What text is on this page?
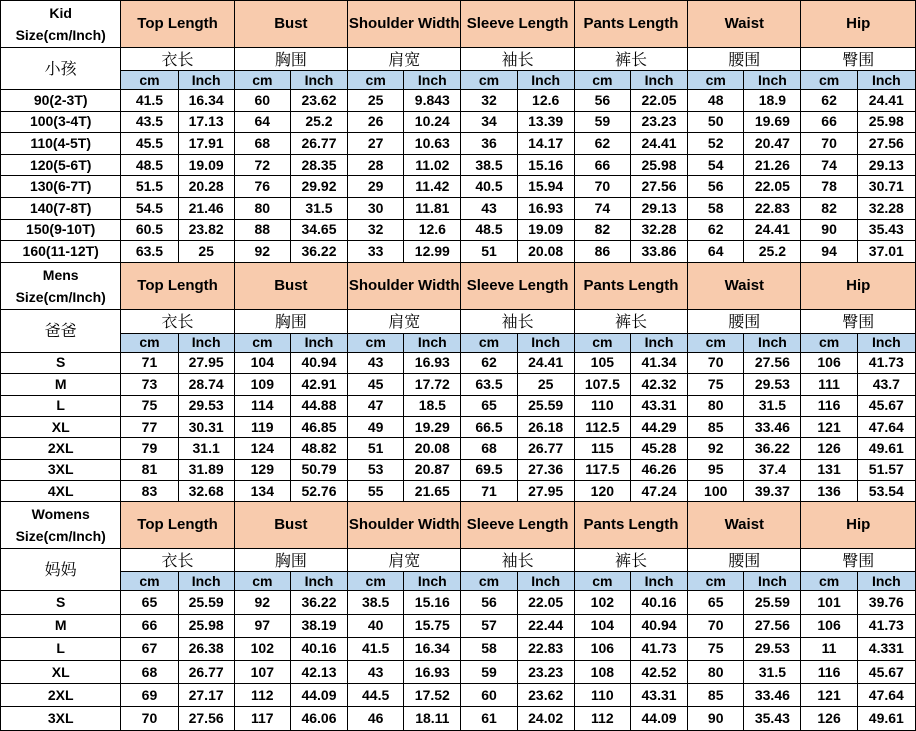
Kid
Size(cm/Inch)	Top Length		Bust		Shoulder Width		Sleeve Length		Pants Length		Waist		Hip	
小孩	衣长		胸围		肩宽		袖长		裤长		腰围		臀围	
	cm	Inch	cm	Inch	cm	Inch	cm	Inch	cm	Inch	cm	Inch	cm	Inch
90(2-3T)	41.5	16.34	60	23.62	25	9.843	32	12.6	56	22.05	48	18.9	62	24.41
100(3-4T)	43.5	17.13	64	25.2	26	10.24	34	13.39	59	23.23	50	19.69	66	25.98
110(4-5T)	45.5	17.91	68	26.77	27	10.63	36	14.17	62	24.41	52	20.47	70	27.56
120(5-6T)	48.5	19.09	72	28.35	28	11.02	38.5	15.16	66	25.98	54	21.26	74	29.13
130(6-7T)	51.5	20.28	76	29.92	29	11.42	40.5	15.94	70	27.56	56	22.05	78	30.71
140(7-8T)	54.5	21.46	80	31.5	30	11.81	43	16.93	74	29.13	58	22.83	82	32.28
150(9-10T)	60.5	23.82	88	34.65	32	12.6	48.5	19.09	82	32.28	62	24.41	90	35.43
160(11-12T)	63.5	25	92	36.22	33	12.99	51	20.08	86	33.86	64	25.2	94	37.01

Mens
Size(cm/Inch)	Top Length		Bust		Shoulder Width		Sleeve Length		Pants Length		Waist		Hip	
爸爸	衣长		胸围		肩宽		袖长		裤长		腰围		臀围	
	cm	Inch	cm	Inch	cm	Inch	cm	Inch	cm	Inch	cm	Inch	cm	Inch
S	71	27.95	104	40.94	43	16.93	62	24.41	105	41.34	70	27.56	106	41.73
M	73	28.74	109	42.91	45	17.72	63.5	25	107.5	42.32	75	29.53	111	43.7
L	75	29.53	114	44.88	47	18.5	65	25.59	110	43.31	80	31.5	116	45.67
XL	77	30.31	119	46.85	49	19.29	66.5	26.18	112.5	44.29	85	33.46	121	47.64
2XL	79	31.1	124	48.82	51	20.08	68	26.77	115	45.28	92	36.22	126	49.61
3XL	81	31.89	129	50.79	53	20.87	69.5	27.36	117.5	46.26	95	37.4	131	51.57
4XL	83	32.68	134	52.76	55	21.65	71	27.95	120	47.24	100	39.37	136	53.54

Womens
Size(cm/Inch)	Top Length		Bust		Shoulder Width		Sleeve Length		Pants Length		Waist		Hip	
妈妈	衣长		胸围		肩宽		袖长		裤长		腰围		臀围	
	cm	Inch	cm	Inch	cm	Inch	cm	Inch	cm	Inch	cm	Inch	cm	Inch
S	65	25.59	92	36.22	38.5	15.16	56	22.05	102	40.16	65	25.59	101	39.76
M	66	25.98	97	38.19	40	15.75	57	22.44	104	40.94	70	27.56	106	41.73
L	67	26.38	102	40.16	41.5	16.34	58	22.83	106	41.73	75	29.53	11	4.331
XL	68	26.77	107	42.13	43	16.93	59	23.23	108	42.52	80	31.5	116	45.67
2XL	69	27.17	112	44.09	44.5	17.52	60	23.62	110	43.31	85	33.46	121	47.64
3XL	70	27.56	117	46.06	46	18.11	61	24.02	112	44.09	90	35.43	126	49.61
